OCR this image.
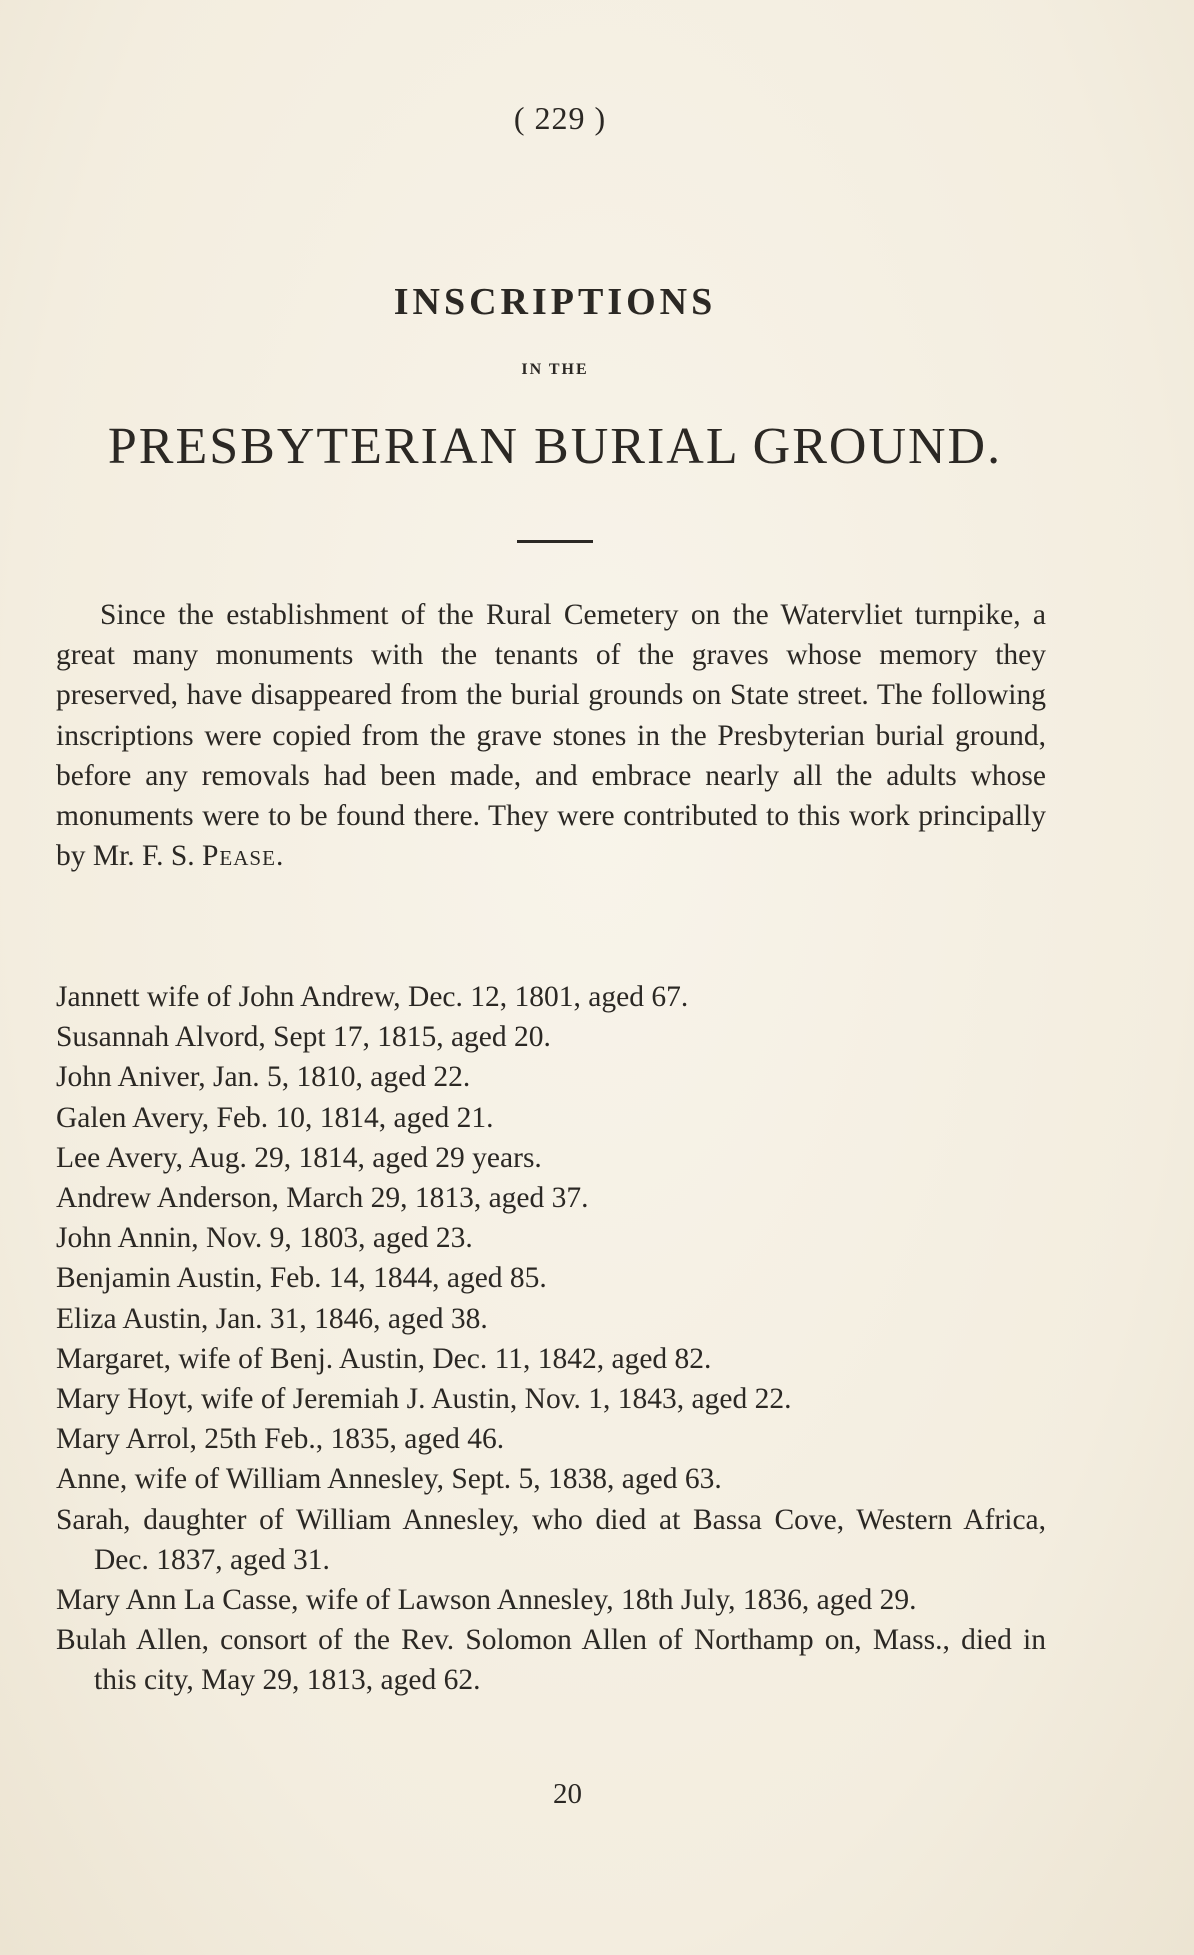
( 229 )
INSCRIPTIONS
IN THE
PRESBYTERIAN BURIAL GROUND.

Since the establishment of the Rural Cemetery on the Watervliet turnpike, a great many monuments with the tenants of the graves whose memory they preserved, have disappeared from the burial grounds on State street. The following inscriptions were copied from the grave stones in the Presbyterian burial ground, before any removals had been made, and embrace nearly all the adults whose monuments were to be found there. They were contributed to this work principally by Mr. F. S. Pease.

Jannett wife of John Andrew, Dec. 12, 1801, aged 67.
Susannah Alvord, Sept 17, 1815, aged 20.
John Aniver, Jan. 5, 1810, aged 22.
Galen Avery, Feb. 10, 1814, aged 21.
Lee Avery, Aug. 29, 1814, aged 29 years.
Andrew Anderson, March 29, 1813, aged 37.
John Annin, Nov. 9, 1803, aged 23.
Benjamin Austin, Feb. 14, 1844, aged 85.
Eliza Austin, Jan. 31, 1846, aged 38.
Margaret, wife of Benj. Austin, Dec. 11, 1842, aged 82.
Mary Hoyt, wife of Jeremiah J. Austin, Nov. 1, 1843, aged 22.
Mary Arrol, 25th Feb., 1835, aged 46.
Anne, wife of William Annesley, Sept. 5, 1838, aged 63.
Sarah, daughter of William Annesley, who died at Bassa Cove, Western Africa, Dec. 1837, aged 31.
Mary Ann La Casse, wife of Lawson Annesley, 18th July, 1836, aged 29.
Bulah Allen, consort of the Rev. Solomon Allen of Northamp on, Mass., died in this city, May 29, 1813, aged 62.
20
